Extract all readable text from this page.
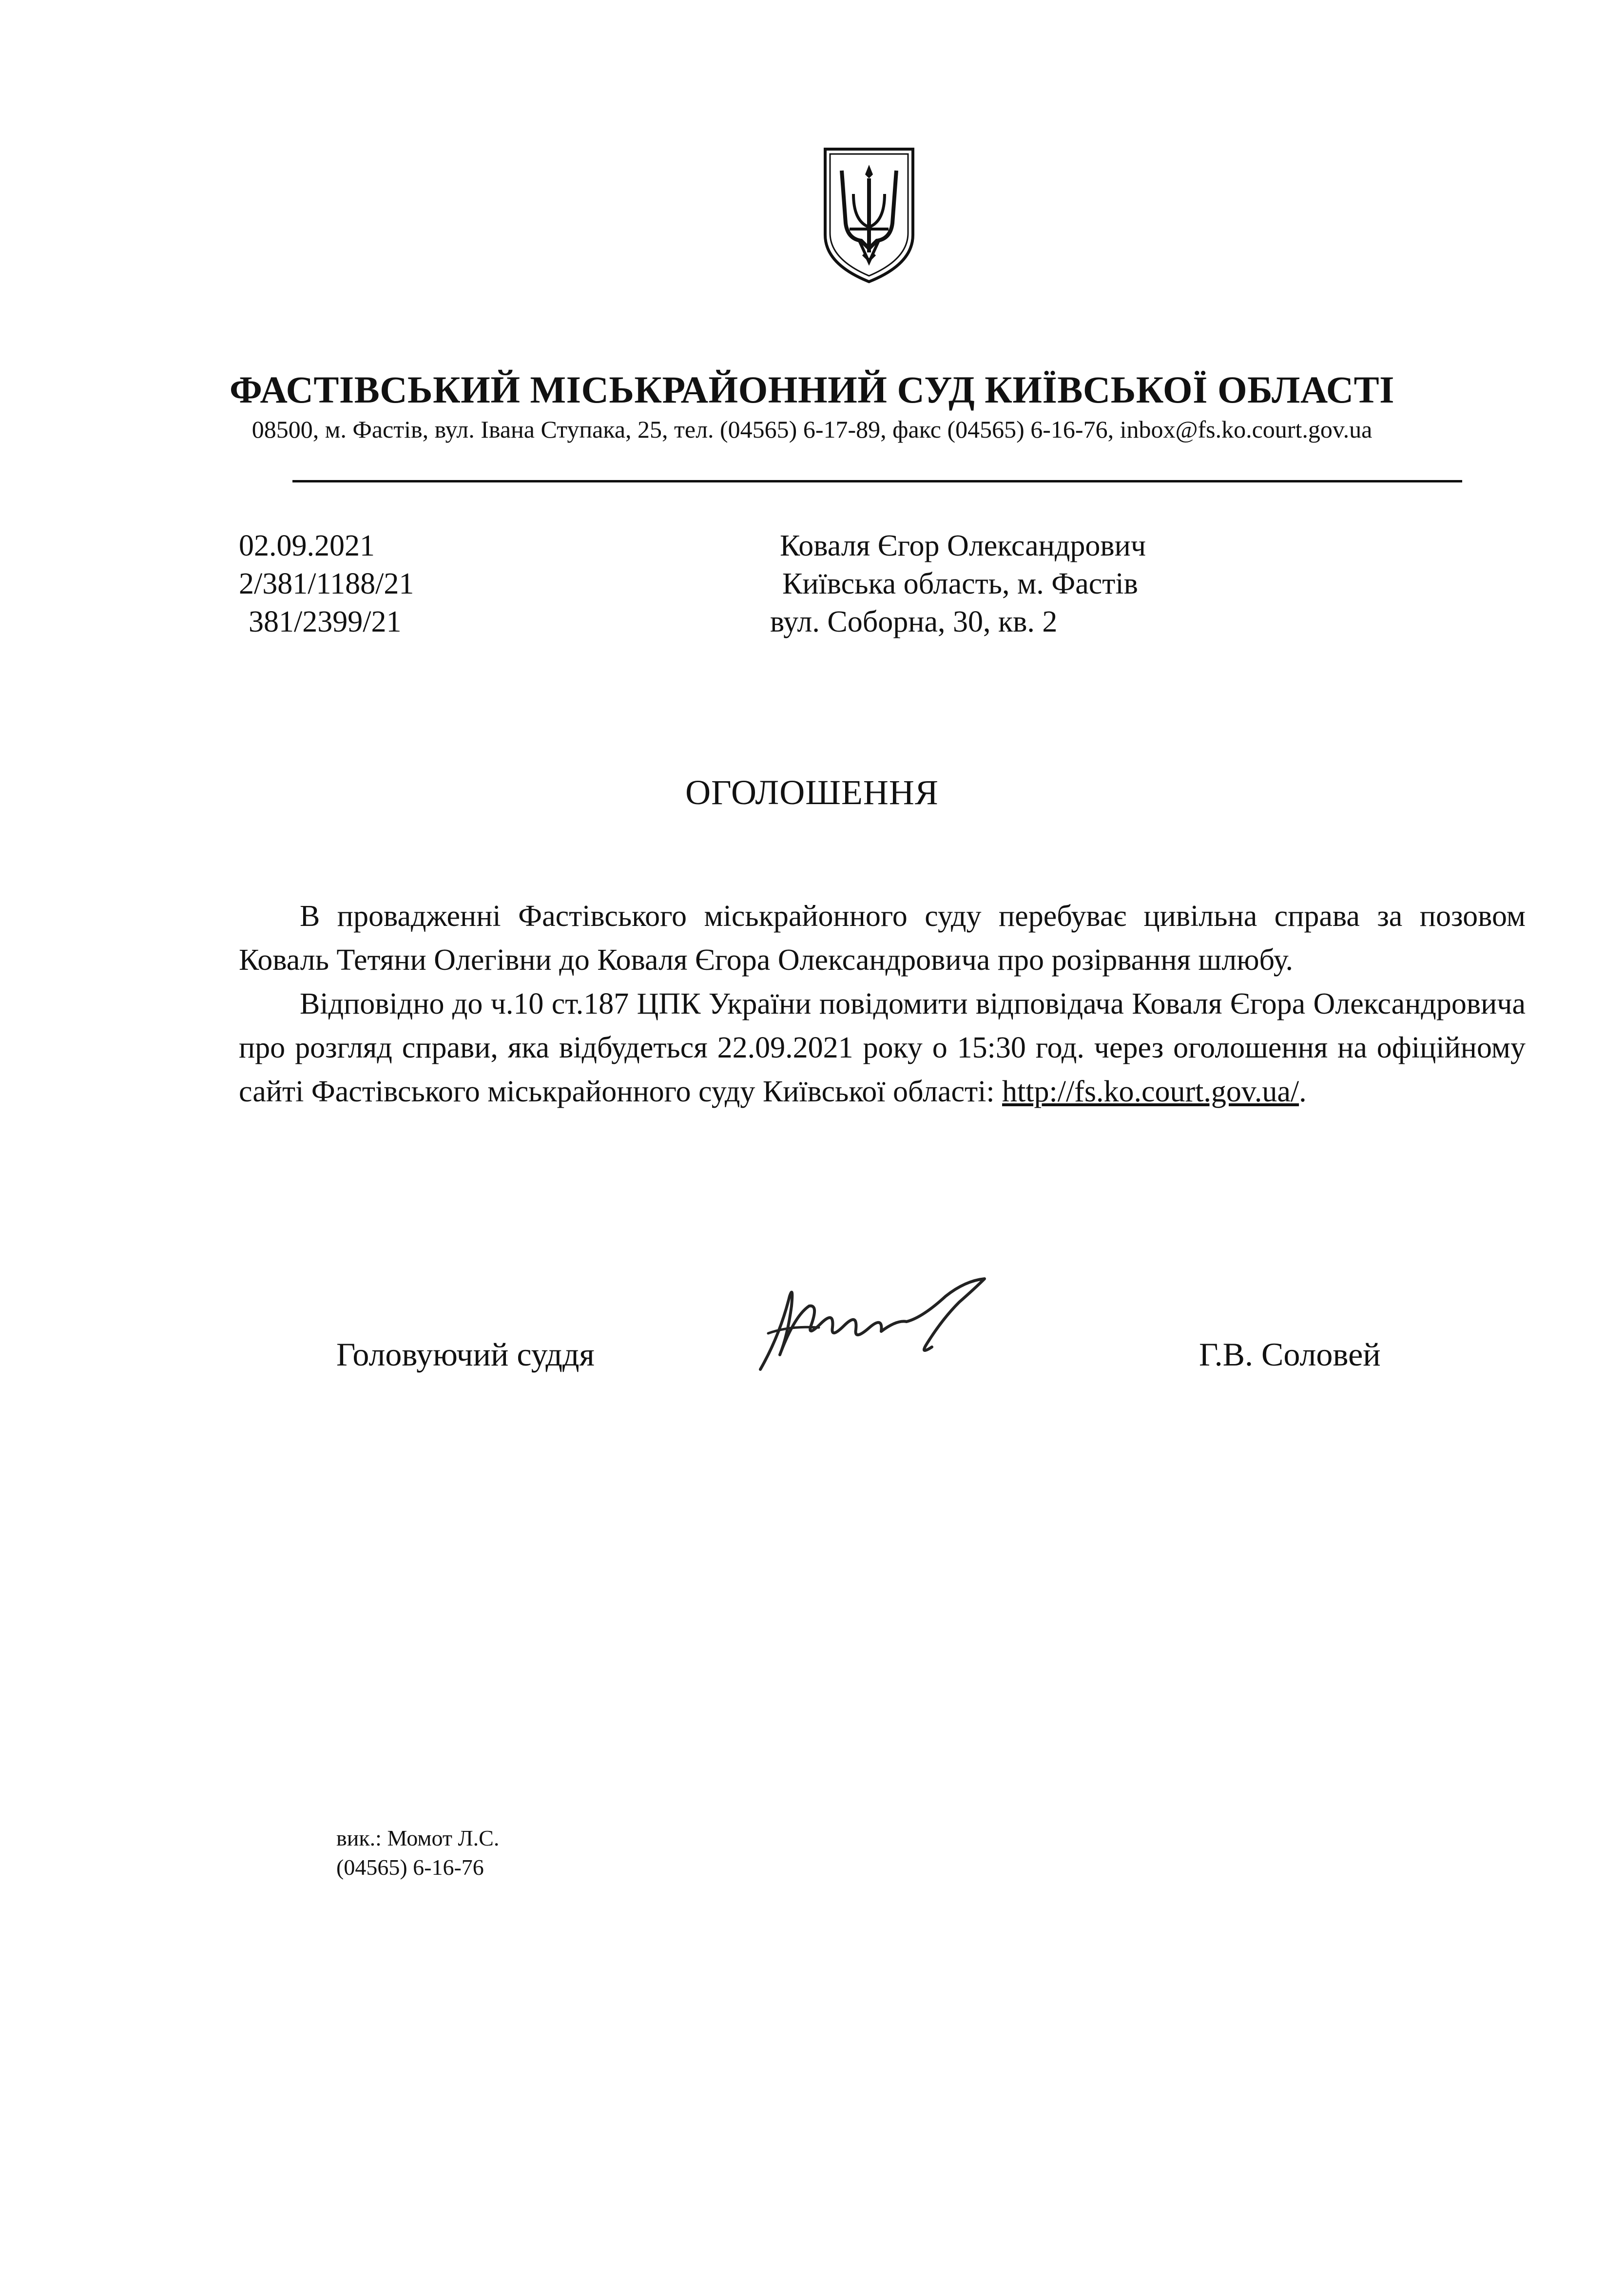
ФАСТІВСЬКИЙ МІСЬКРАЙОННИЙ СУД КИЇВСЬКОЇ ОБЛАСТІ
08500, м. Фастів, вул. Івана Ступака, 25, тел. (04565) 6-17-89, факс (04565) 6-16-76, inbox@fs.ko.court.gov.ua
02.09.2021
2/381/1188/21
381/2399/21
Коваля Єгор Олександрович
Київська область, м. Фастів
вул. Соборна, 30, кв. 2
ОГОЛОШЕННЯ

В провадженні Фастівського міськрайонного суду перебуває цивільна справа за позовом Коваль Тетяни Олегівни до Коваля Єгора Олександровича про розірвання шлюбу.

Відповідно до ч.10 ст.187 ЦПК України повідомити відповідача Коваля Єгора Олександровича про розгляд справи, яка відбудеться 22.09.2021 року о 15:30 год. через оголошення на офіційному сайті Фастівського міськрайонного суду Київської області: http://fs.ko.court.gov.ua/.

Головуючий суддя	Г.В. Соловей
вик.: Момот Л.С.
(04565) 6-16-76
